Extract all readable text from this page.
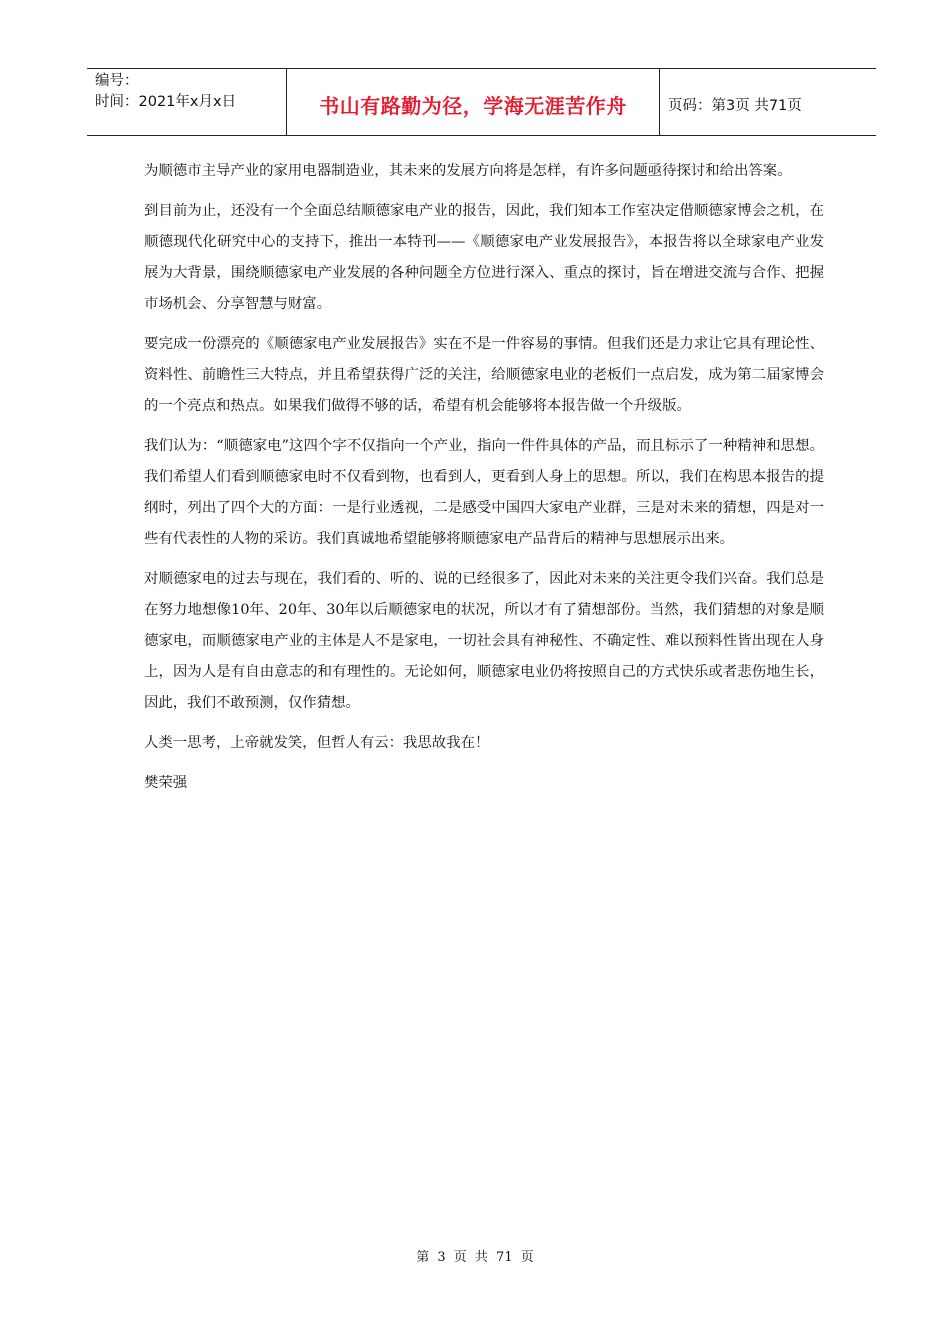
编号：
时间：2021年x月x日	书山有路勤为径，学海无涯苦作舟	页码：第3页 共71页

为顺德市主导产业的家用电器制造业，其未来的发展方向将是怎样，有许多问题亟待探讨和给出答案。

到目前为止，还没有一个全面总结顺德家电产业的报告，因此，我们知本工作室决定借顺德家博会之机，在顺德现代化研究中心的支持下，推出一本特刊——《顺德家电产业发展报告》，本报告将以全球家电产业发展为大背景，围绕顺德家电产业发展的各种问题全方位进行深入、重点的探讨，旨在增进交流与合作、把握市场机会、分享智慧与财富。

要完成一份漂亮的《顺德家电产业发展报告》实在不是一件容易的事情。但我们还是力求让它具有理论性、资料性、前瞻性三大特点，并且希望获得广泛的关注，给顺德家电业的老板们一点启发，成为第二届家博会的一个亮点和热点。如果我们做得不够的话，希望有机会能够将本报告做一个升级版。

我们认为：“顺德家电”这四个字不仅指向一个产业，指向一件件具体的产品，而且标示了一种精神和思想。我们希望人们看到顺德家电时不仅看到物，也看到人，更看到人身上的思想。所以，我们在构思本报告的提纲时，列出了四个大的方面：一是行业透视，二是感受中国四大家电产业群，三是对未来的猜想，四是对一些有代表性的人物的采访。我们真诚地希望能够将顺德家电产品背后的精神与思想展示出来。

对顺德家电的过去与现在，我们看的、听的、说的已经很多了，因此对未来的关注更令我们兴奋。我们总是在努力地想像10年、20年、30年以后顺德家电的状况，所以才有了猜想部份。当然，我们猜想的对象是顺德家电，而顺德家电产业的主体是人不是家电，一切社会具有神秘性、不确定性、难以预料性皆出现在人身上，因为人是有自由意志的和有理性的。无论如何，顺德家电业仍将按照自己的方式快乐或者悲伤地生长，因此，我们不敢预测，仅作猜想。

人类一思考，上帝就发笑，但哲人有云：我思故我在！

樊荣强

第 3 页 共 71 页
